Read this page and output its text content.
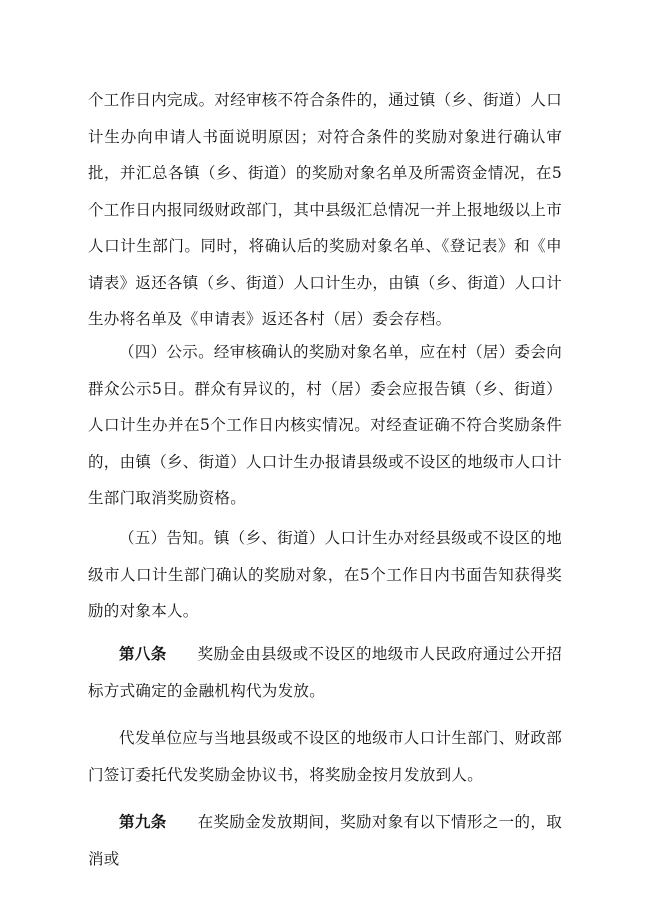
个工作日内完成。对经审核不符合条件的，通过镇（乡、街道）人口计生办向申请人书面说明原因；对符合条件的奖励对象进行确认审批，并汇总各镇（乡、街道）的奖励对象名单及所需资金情况，在5个工作日内报同级财政部门，其中县级汇总情况一并上报地级以上市人口计生部门。同时，将确认后的奖励对象名单、《登记表》和《申请表》返还各镇（乡、街道）人口计生办，由镇（乡、街道）人口计生办将名单及《申请表》返还各村（居）委会存档。

（四）公示。经审核确认的奖励对象名单，应在村（居）委会向群众公示5日。群众有异议的，村（居）委会应报告镇（乡、街道）人口计生办并在5个工作日内核实情况。对经查证确不符合奖励条件的，由镇（乡、街道）人口计生办报请县级或不设区的地级市人口计生部门取消奖励资格。

（五）告知。镇（乡、街道）人口计生办对经县级或不设区的地级市人口计生部门确认的奖励对象，在5个工作日内书面告知获得奖励的对象本人。

第八条 奖励金由县级或不设区的地级市人民政府通过公开招标方式确定的金融机构代为发放。

代发单位应与当地县级或不设区的地级市人口计生部门、财政部门签订委托代发奖励金协议书，将奖励金按月发放到人。

第九条 在奖励金发放期间，奖励对象有以下情形之一的，取消或
